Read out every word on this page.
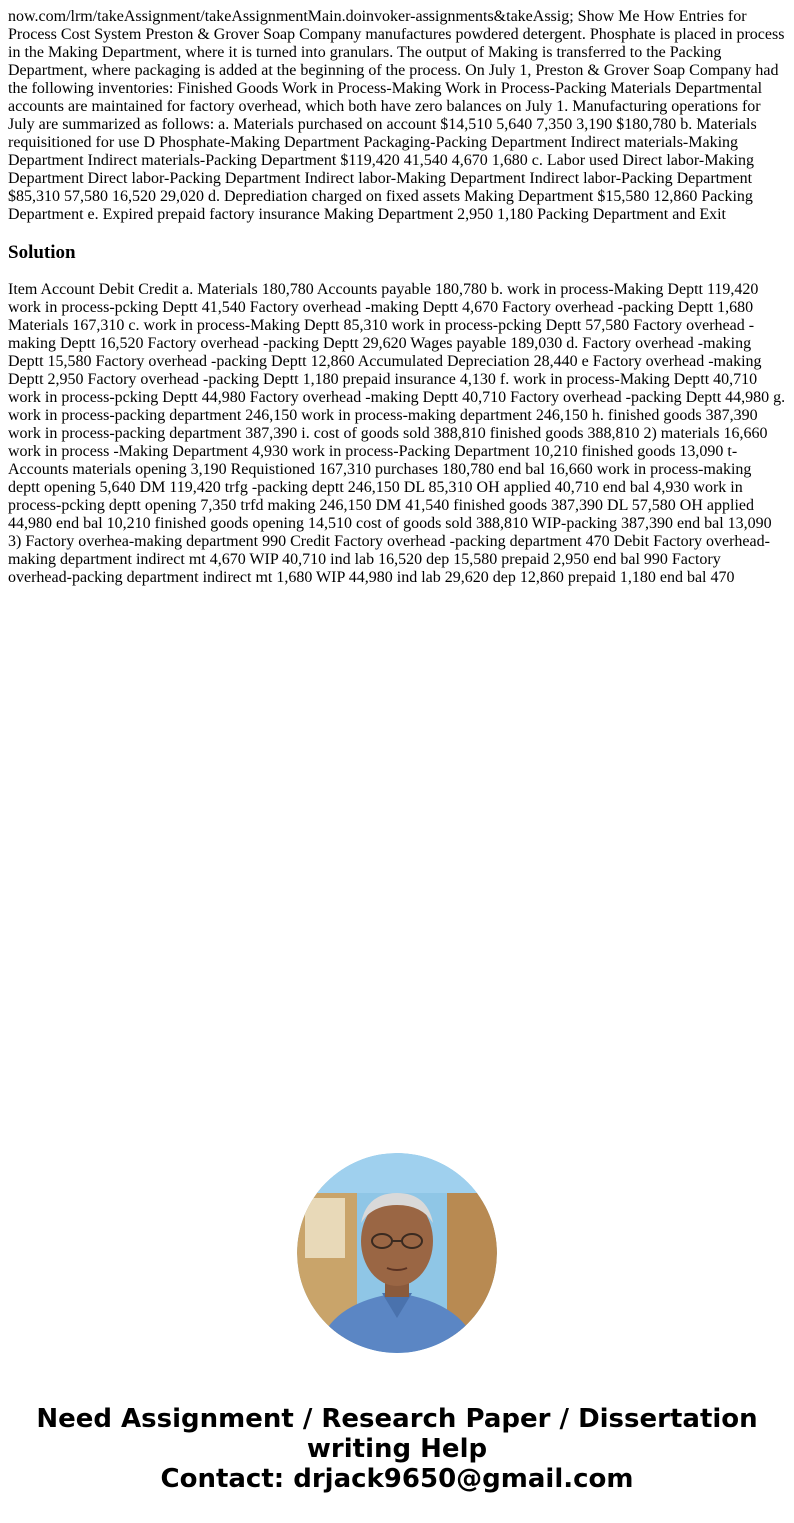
now.com/lrm/takeAssignment/takeAssignmentMain.doinvoker-assignments&takeAssig; Show Me How Entries for Process Cost System Preston & Grover Soap Company manufactures powdered detergent. Phosphate is placed in process in the Making Department, where it is turned into granulars. The output of Making is transferred to the Packing Department, where packaging is added at the beginning of the process. On July 1, Preston & Grover Soap Company had the following inventories: Finished Goods Work in Process-Making Work in Process-Packing Materials Departmental accounts are maintained for factory overhead, which both have zero balances on July 1. Manufacturing operations for July are summarized as follows: a. Materials purchased on account $14,510 5,640 7,350 3,190 $180,780 b. Materials requisitioned for use D Phosphate-Making Department Packaging-Packing Department Indirect materials-Making Department Indirect materials-Packing Department $119,420 41,540 4,670 1,680 c. Labor used Direct labor-Making Department Direct labor-Packing Department Indirect labor-Making Department Indirect labor-Packing Department $85,310 57,580 16,520 29,020 d. Deprediation charged on fixed assets Making Department $15,580 12,860 Packing Department e. Expired prepaid factory insurance Making Department 2,950 1,180 Packing Department and Exit

Solution

Item Account Debit Credit a. Materials 180,780 Accounts payable 180,780 b. work in process-Making Deptt 119,420 work in process-pcking Deptt 41,540 Factory overhead -making Deptt 4,670 Factory overhead -packing Deptt 1,680 Materials 167,310 c. work in process-Making Deptt 85,310 work in process-pcking Deptt 57,580 Factory overhead -making Deptt 16,520 Factory overhead -packing Deptt 29,620 Wages payable 189,030 d. Factory overhead -making Deptt 15,580 Factory overhead -packing Deptt 12,860 Accumulated Depreciation 28,440 e Factory overhead -making Deptt 2,950 Factory overhead -packing Deptt 1,180 prepaid insurance 4,130 f. work in process-Making Deptt 40,710 work in process-pcking Deptt 44,980 Factory overhead -making Deptt 40,710 Factory overhead -packing Deptt 44,980 g. work in process-packing department 246,150 work in process-making department 246,150 h. finished goods 387,390 work in process-packing department 387,390 i. cost of goods sold 388,810 finished goods 388,810 2) materials 16,660 work in process -Making Department 4,930 work in process-Packing Department 10,210 finished goods 13,090 t-Accounts materials opening 3,190 Requistioned 167,310 purchases 180,780 end bal 16,660 work in process-making deptt opening 5,640 DM 119,420 trfg -packing deptt 246,150 DL 85,310 OH applied 40,710 end bal 4,930 work in process-pcking deptt opening 7,350 trfd making 246,150 DM 41,540 finished goods 387,390 DL 57,580 OH applied 44,980 end bal 10,210 finished goods opening 14,510 cost of goods sold 388,810 WIP-packing 387,390 end bal 13,090 3) Factory overhea-making department 990 Credit Factory overhead -packing department 470 Debit Factory overhead-making department indirect mt 4,670 WIP 40,710 ind lab 16,520 dep 15,580 prepaid 2,950 end bal 990 Factory overhead-packing department indirect mt 1,680 WIP 44,980 ind lab 29,620 dep 12,860 prepaid 1,180 end bal 470

Need Assignment / Research Paper / Dissertation writing Help
Contact: drjack9650@gmail.com
